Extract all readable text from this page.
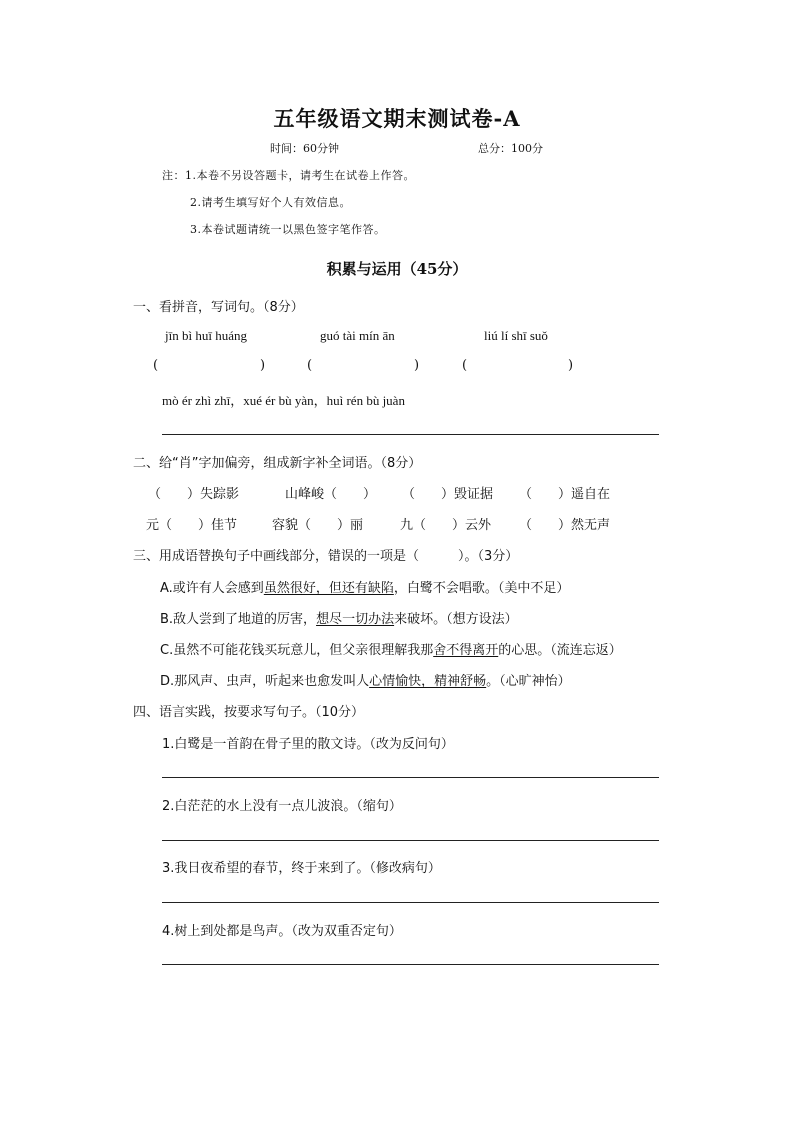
五年级语文期末测试卷-A
时间：60分钟	总分：100分
注：1.本卷不另设答题卡，请考生在试卷上作答。
2.请考生填写好个人有效信息。
3.本卷试题请统一以黑色签字笔作答。
积累与运用（45分）
一、看拼音，写词句。（8分）
jīn bì huī huáng	guó tài mín ān	liú lí shī suǒ
(	)	(	)	(	)
mò ér zhì zhī，xué ér bù yàn，huì rén bù juàn
二、给“肖”字加偏旁，组成新字补全词语。（8分）
（　　）失踪影	山峰峻（　　） （　　）毁证据 （　　）遥自在
元（　　）佳节	容貌（　　）丽	九（　　）云外 （　　）然无声
三、用成语替换句子中画线部分，错误的一项是（　　　）。（3分）
A.或许有人会感到虽然很好，但还有缺陷，白鹭不会唱歌。（美中不足）
B.敌人尝到了地道的厉害，想尽一切办法来破坏。（想方设法）
C.虽然不可能花钱买玩意儿，但父亲很理解我那舍不得离开的心思。（流连忘返）
D.那风声、虫声，听起来也愈发叫人心情愉快，精神舒畅。（心旷神怡）
四、语言实践，按要求写句子。（10分）
1.白鹭是一首韵在骨子里的散文诗。（改为反问句）
2.白茫茫的水上没有一点儿波浪。（缩句）
3.我日夜希望的春节，终于来到了。（修改病句）
4.树上到处都是鸟声。（改为双重否定句）
